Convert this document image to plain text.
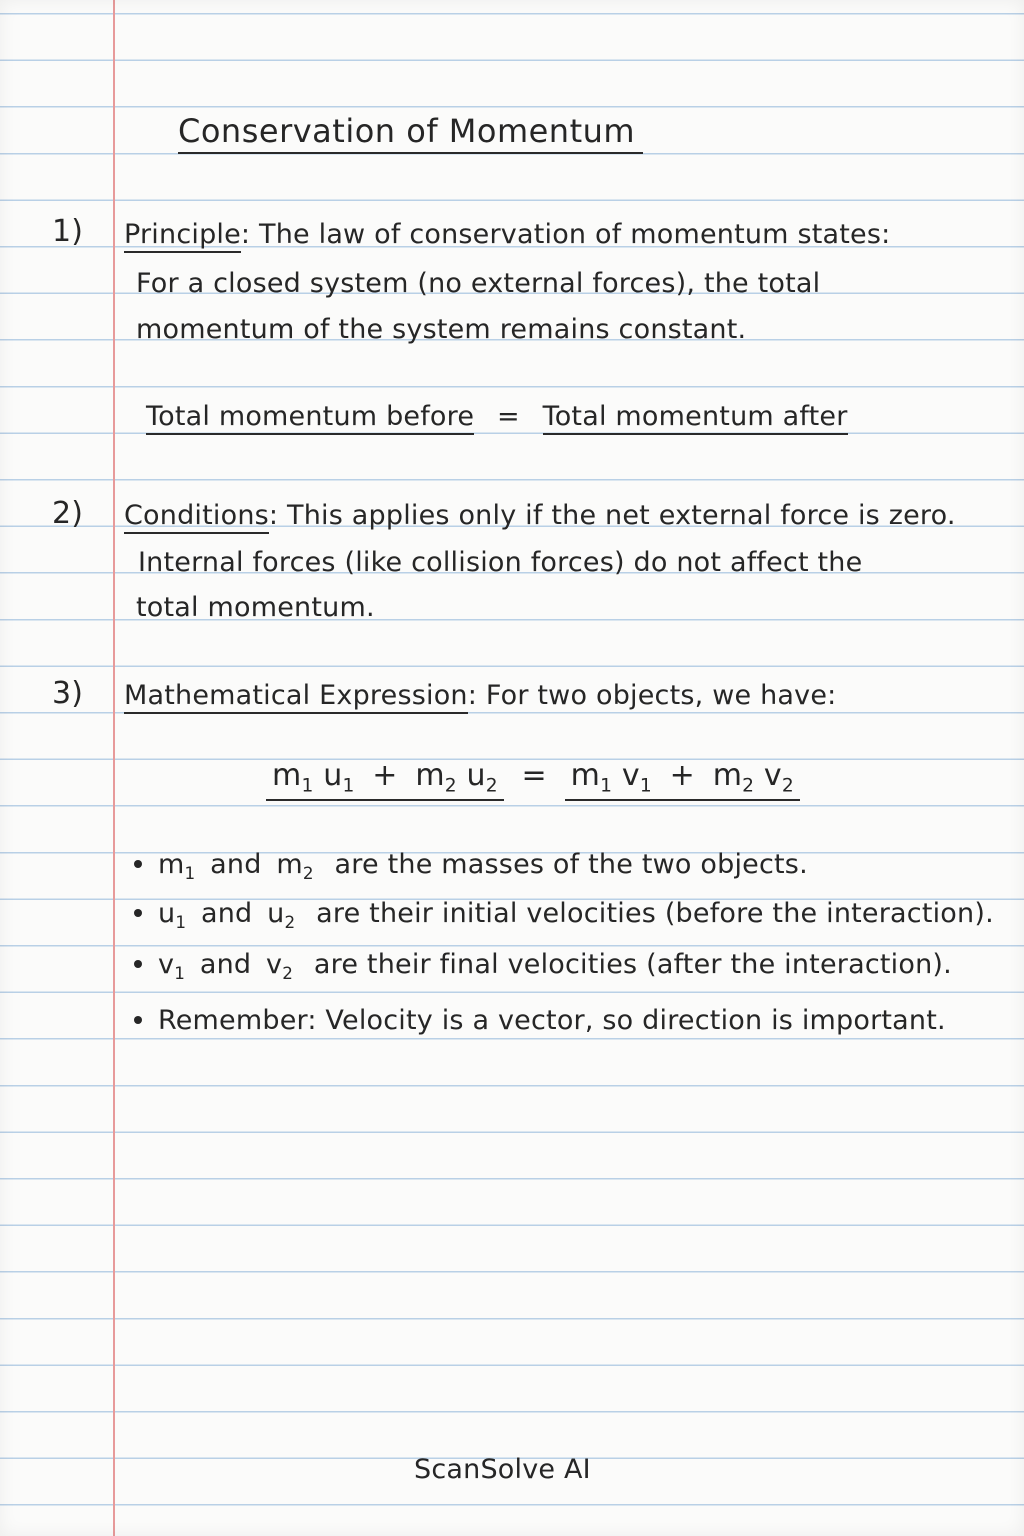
Conservation of Momentum
1) Principle: The law of conservation of momentum states:
For a closed system (no external forces), the total
momentum of the system remains constant.
Total momentum before = Total momentum after
2) Conditions: This applies only if the net external force is zero.
Internal forces (like collision forces) do not affect the
total momentum.
3) Mathematical Expression: For two objects, we have:
$m_1$ $u_1 + m_2$ $u_2 = m_1$ $v_1 + m_2$ $v_2$
$m_1$ and $m_2$ are the masses of the two objects.
$u_1$ and $u_2$ are their initial velocities (before the interaction).
$v_1$ and $v_2$ are their final velocities (after the interaction).
Remember: Velocity is a vector, so direction is important.
ScanSolve AI
